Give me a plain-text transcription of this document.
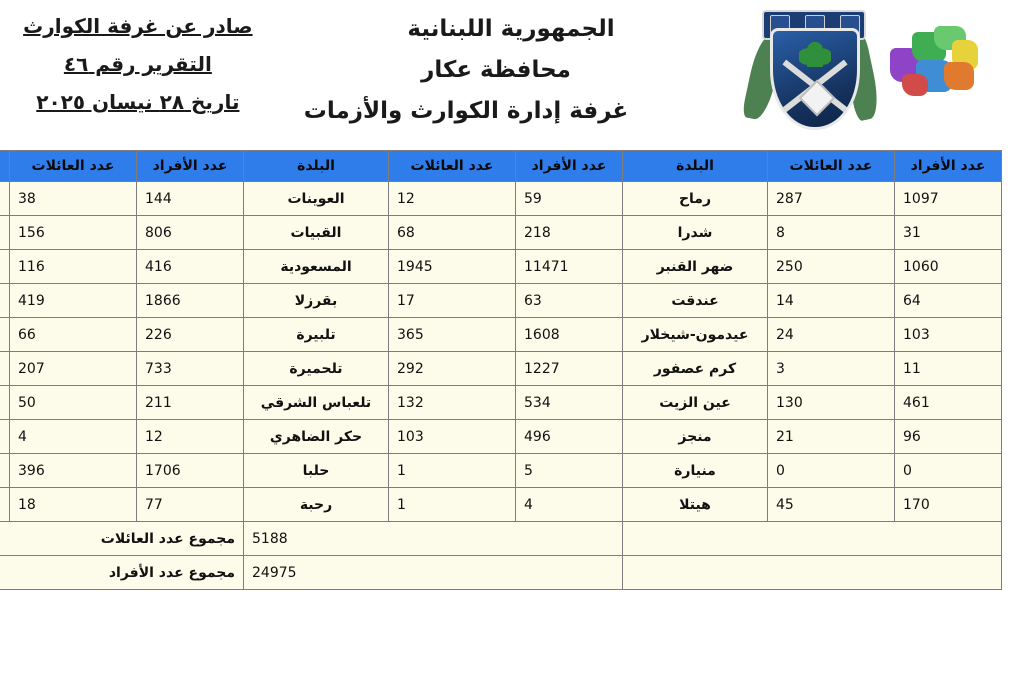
صادر عن غرفة الكوارث
التقرير رقم ٤٦
تاريخ ٢٨ نيسان ٢٠٢٥
الجمهورية اللبنانية
محافظة عكار
غرفة إدارة الكوارث والأزمات
عدد الأفراد	عدد العائلات	البلدة	عدد الأفراد	عدد العائلات	البلدة	عدد الأفراد	عدد العائلات	
1097	287	رماح	59	12	العوينات	144	38	
31	8	شدرا	218	68	القبيات	806	156	
1060	250	ضهر القنبر	11471	1945	المسعودية	416	116	
64	14	عندقت	63	17	بقرزلا	1866	419	
103	24	عيدمون-شيخلار	1608	365	تلبيرة	226	66	
11	3	كرم عصفور	1227	292	تلحميرة	733	207	
461	130	عين الزيت	534	132	تلعباس الشرقي	211	50	
96	21	منجز	496	103	حكر الضاهري	12	4	
0	0	منيارة	5	1	حلبا	1706	396	
170	45	هيتلا	4	1	رحبة	77	18	
			5188			مجموع عدد العائلات		
			24975			مجموع عدد الأفراد		
